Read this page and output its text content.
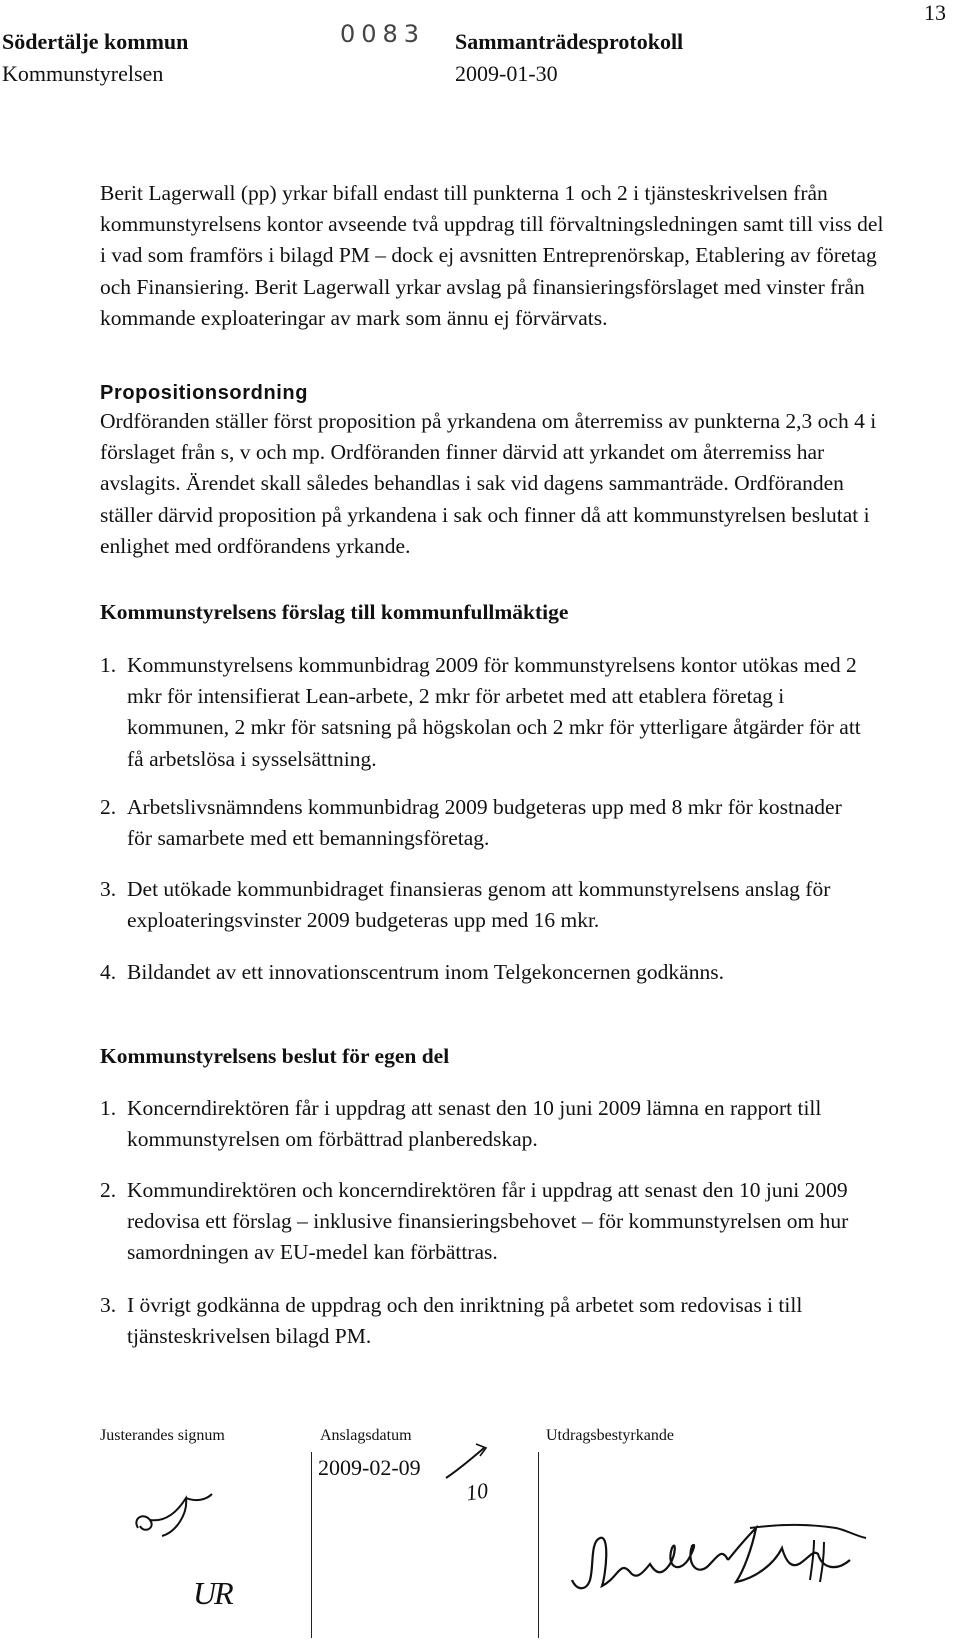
Södertälje kommun
Kommunstyrelsen
0083 Sammanträdesprotokoll
2009-01-30
13

Berit Lagerwall (pp) yrkar bifall endast till punkterna 1 och 2 i tjänsteskrivelsen från kommunstyrelsens kontor avseende två uppdrag till förvaltningsledningen samt till viss del i vad som framförs i bilagd PM – dock ej avsnitten Entreprenörskap, Etablering av företag och Finansiering. Berit Lagerwall yrkar avslag på finansieringsförslaget med vinster från kommande exploateringar av mark som ännu ej förvärvats.

Propositionsordning

Ordföranden ställer först proposition på yrkandena om återremiss av punkterna 2,3 och 4 i förslaget från s, v och mp. Ordföranden finner därvid att yrkandet om återremiss har avslagits. Ärendet skall således behandlas i sak vid dagens sammanträde. Ordföranden ställer därvid proposition på yrkandena i sak och finner då att kommunstyrelsen beslutat i enlighet med ordförandens yrkande.

Kommunstyrelsens förslag till kommunfullmäktige
1. Kommunstyrelsens kommunbidrag 2009 för kommunstyrelsens kontor utökas med 2 mkr för intensifierat Lean-arbete, 2 mkr för arbetet med att etablera företag i kommunen, 2 mkr för satsning på högskolan och 2 mkr för ytterligare åtgärder för att få arbetslösa i sysselsättning.

2. Arbetslivsnämndens kommunbidrag 2009 budgeteras upp med 8 mkr för kostnader för samarbete med ett bemanningsföretag.

3. Det utökade kommunbidraget finansieras genom att kommunstyrelsens anslag för exploateringsvinster 2009 budgeteras upp med 16 mkr.

4. Bildandet av ett innovationscentrum inom Telgekoncernen godkänns.

Kommunstyrelsens beslut för egen del
1. Koncerndirektören får i uppdrag att senast den 10 juni 2009 lämna en rapport till kommunstyrelsen om förbättrad planberedskap.

2. Kommundirektören och koncerndirektören får i uppdrag att senast den 10 juni 2009 redovisa ett förslag – inklusive finansieringsbehovet – för kommunstyrelsen om hur samordningen av EU-medel kan förbättras.

3. I övrigt godkänna de uppdrag och den inriktning på arbetet som redovisas i till tjänsteskrivelsen bilagd PM.

Justerandes signum	Anslagsdatum	Utdragsbestyrkande
2009-02-09
10
UR
